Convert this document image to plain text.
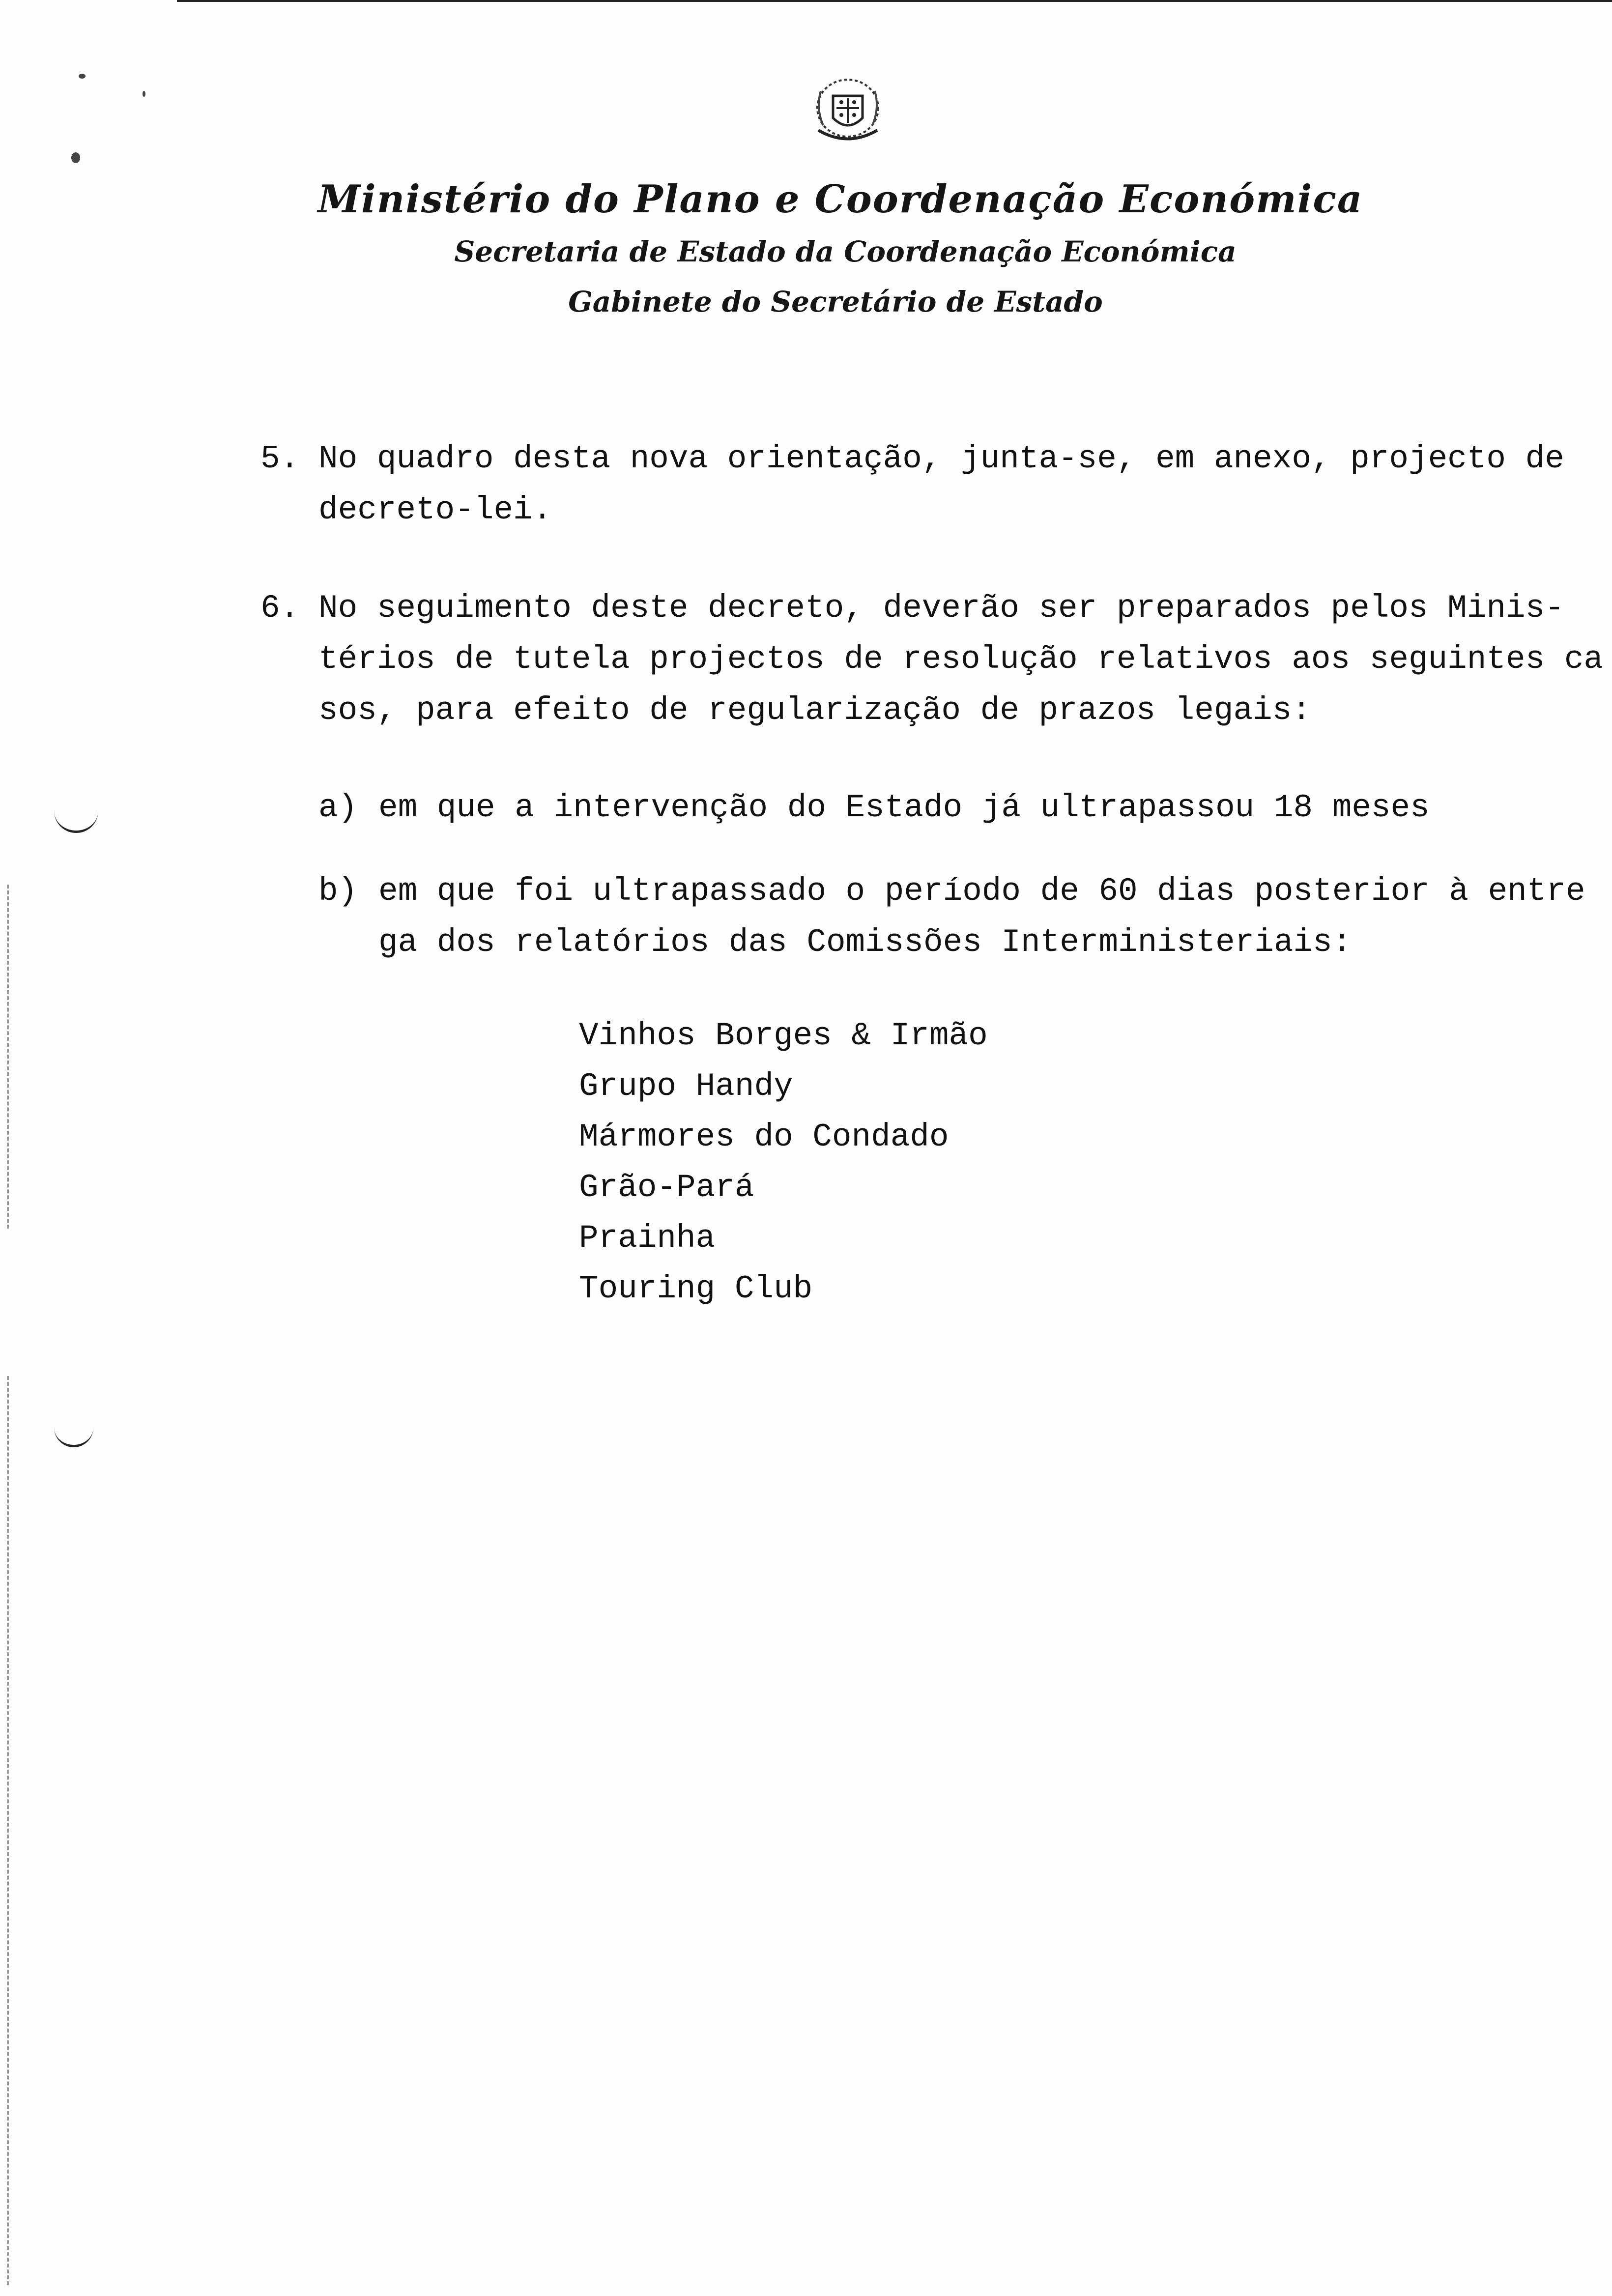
Ministério do Plano e Coordenação Económica
Secretaria de Estado da Coordenação Económica
Gabinete do Secretário de Estado
5. No quadro desta nova orientação, junta-se, em anexo, projecto de
decreto-lei.
6. No seguimento deste decreto, deverão ser preparados pelos Minis-
térios de tutela projectos de resolução relativos aos seguintes ca
sos, para efeito de regularização de prazos legais:
a) em que a intervenção do Estado já ultrapassou 18 meses
b) em que foi ultrapassado o período de 60 dias posterior à entre
ga dos relatórios das Comissões Interministeriais:
Vinhos Borges & Irmão
Grupo Handy
Mármores do Condado
Grão-Pará
Prainha
Touring Club
